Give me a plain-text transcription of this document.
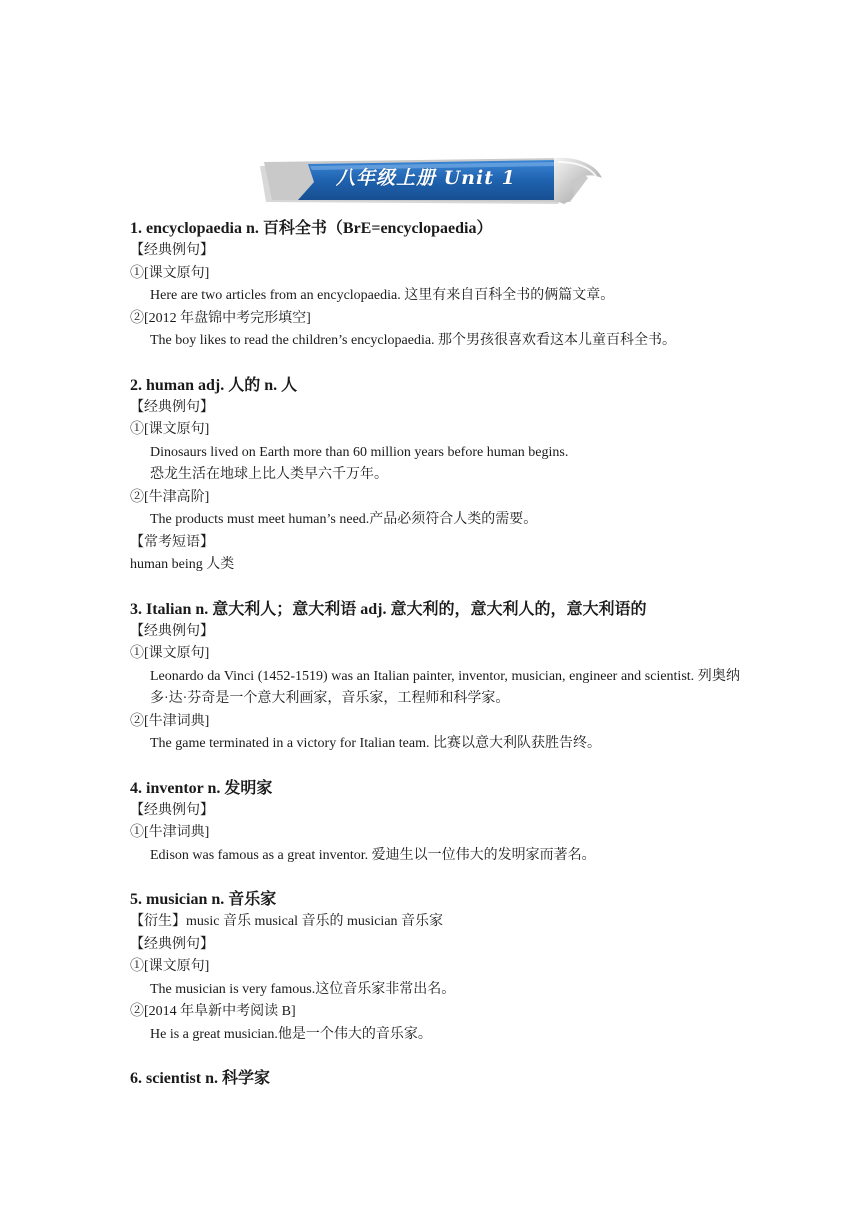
八年级上册 Unit 1

1. encyclopaedia n. 百科全书（BrE=encyclopaedia）

【经典例句】

①[课文原句]

Here are two articles from an encyclopaedia. 这里有来自百科全书的俩篇文章。

②[2012 年盘锦中考完形填空]

The boy likes to read the children’s encyclopaedia. 那个男孩很喜欢看这本儿童百科全书。

2. human adj. 人的 n. 人

【经典例句】

①[课文原句]

Dinosaurs lived on Earth more than 60 million years before human begins.

恐龙生活在地球上比人类早六千万年。

②[牛津高阶]

The products must meet human’s need.产品必须符合人类的需要。

【常考短语】

human being 人类

3. Italian n. 意大利人；意大利语 adj. 意大利的，意大利人的，意大利语的

【经典例句】

①[课文原句]

Leonardo da Vinci (1452-1519) was an Italian painter, inventor, musician, engineer and scientist. 列奥纳多·达·芬奇是一个意大利画家，音乐家，工程师和科学家。

②[牛津词典]

The game terminated in a victory for Italian team. 比赛以意大利队获胜告终。

4. inventor n. 发明家

【经典例句】

①[牛津词典]

Edison was famous as a great inventor. 爱迪生以一位伟大的发明家而著名。

5. musician n. 音乐家

【衍生】music 音乐 musical 音乐的 musician 音乐家

【经典例句】

①[课文原句]

The musician is very famous.这位音乐家非常出名。

②[2014 年阜新中考阅读 B]

He is a great musician.他是一个伟大的音乐家。

6. scientist n. 科学家
